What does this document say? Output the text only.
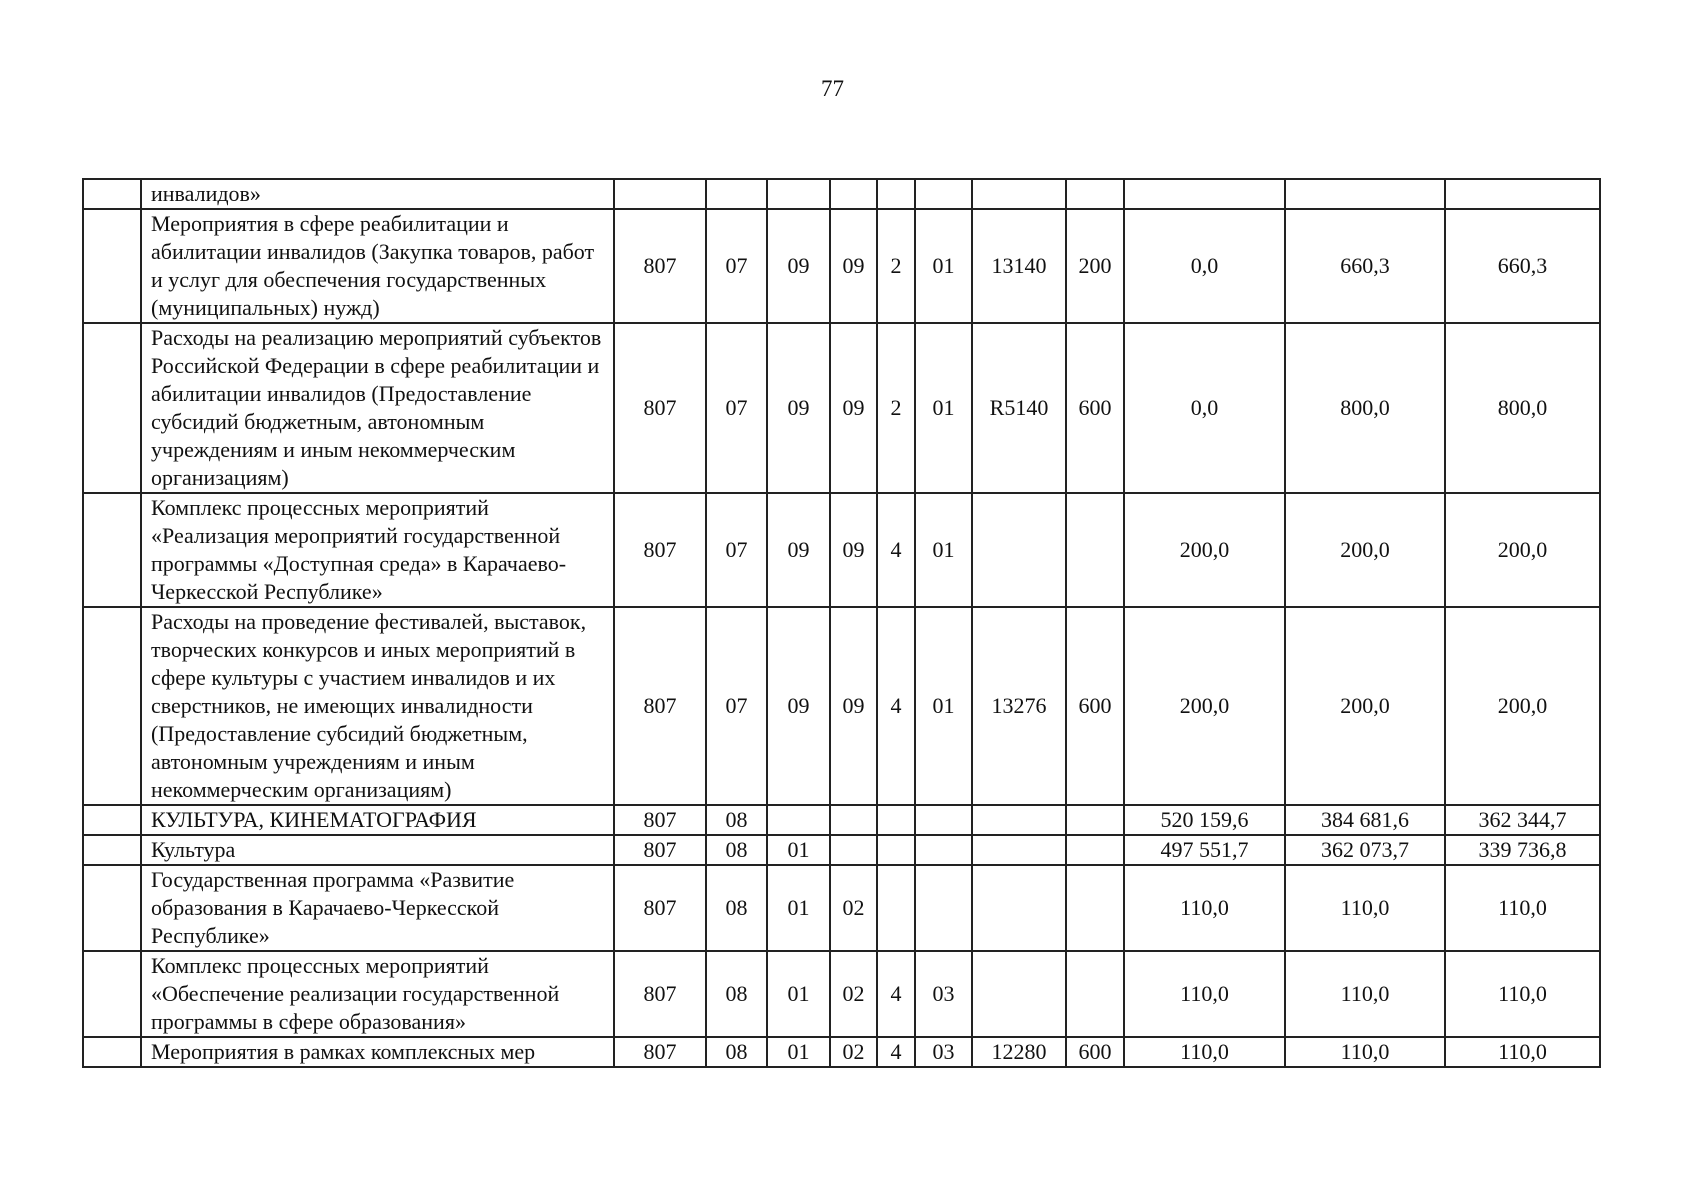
77
	инвалидов»											
	Мероприятия в сфере реабилитации и абилитации инвалидов (Закупка товаров, работ и услуг для обеспечения государственных (муниципальных) нужд)	807	07	09	09	2	01	13140	200	0,0	660,3	660,3
	Расходы на реализацию мероприятий субъектов Российской Федерации в сфере реабилитации и абилитации инвалидов (Предоставление субсидий бюджетным, автономным учреждениям и иным некоммерческим организациям)	807	07	09	09	2	01	R5140	600	0,0	800,0	800,0
	Комплекс процессных мероприятий «Реализация мероприятий государственной программы «Доступная среда» в Карачаево-Черкесской Республике»	807	07	09	09	4	01			200,0	200,0	200,0
	Расходы на проведение фестивалей, выставок, творческих конкурсов и иных мероприятий в сфере культуры с участием инвалидов и их сверстников, не имеющих инвалидности (Предоставление субсидий бюджетным, автономным учреждениям и иным некоммерческим организациям)	807	07	09	09	4	01	13276	600	200,0	200,0	200,0
	КУЛЬТУРА, КИНЕМАТОГРАФИЯ	807	08							520 159,6	384 681,6	362 344,7
	Культура	807	08	01						497 551,7	362 073,7	339 736,8
	Государственная программа «Развитие образования в Карачаево-Черкесской Республике»	807	08	01	02					110,0	110,0	110,0
	Комплекс процессных мероприятий «Обеспечение реализации государственной программы в сфере образования»	807	08	01	02	4	03			110,0	110,0	110,0
	Мероприятия в рамках комплексных мер	807	08	01	02	4	03	12280	600	110,0	110,0	110,0
